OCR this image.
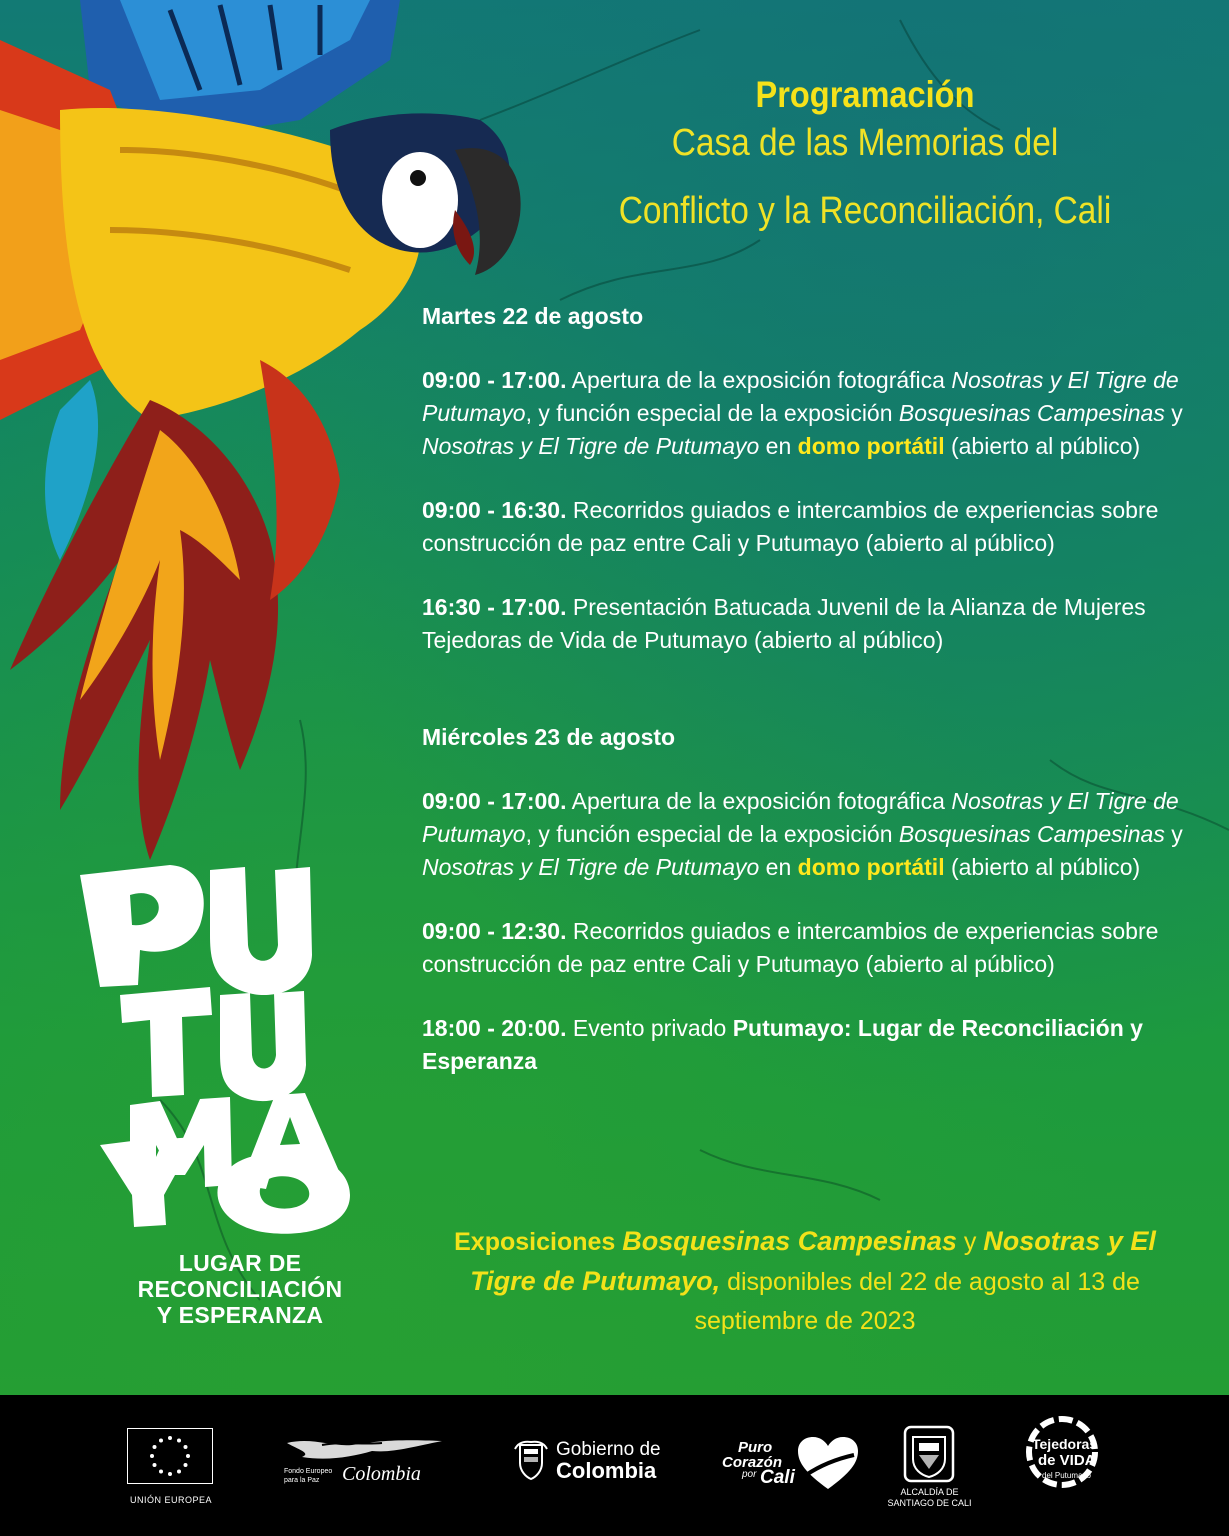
LUGAR DE
RECONCILIACIÓN
Y ESPERANZA
Programación
Casa de las Memorias del
Conflicto y la Reconciliación, Cali
Martes 22 de agosto
09:00 - 17:00. Apertura de la exposición fotográfica Nosotras y El Tigre de Putumayo, y función especial de la exposición Bosquesinas Campesinas y Nosotras y El Tigre de Putumayo en domo portátil (abierto al público)
09:00 - 16:30. Recorridos guiados e intercambios de experiencias sobre construcción de paz entre Cali y Putumayo (abierto al público)
16:30 - 17:00. Presentación Batucada Juvenil de la Alianza de Mujeres Tejedoras de Vida de Putumayo (abierto al público)
Miércoles 23 de agosto
09:00 - 17:00. Apertura de la exposición fotográfica Nosotras y El Tigre de Putumayo, y función especial de la exposición Bosquesinas Campesinas y Nosotras y El Tigre de Putumayo en domo portátil (abierto al público)
09:00 - 12:30. Recorridos guiados e intercambios de experiencias sobre construcción de paz entre Cali y Putumayo (abierto al público)
18:00 - 20:00. Evento privado Putumayo: Lugar de Reconciliación y Esperanza
Exposiciones Bosquesinas Campesinas y Nosotras y El Tigre de Putumayo, disponibles del 22 de agosto al 13 de septiembre de 2023
UNIÓN EUROPEA
Fondo Europeo
para la Paz	Colombia
Gobierno de
Colombia
Puro
Corazón
por Cali
ALCALDÍA DE
SANTIAGO DE CALI
Tejedoras
de VIDA
del Putumayo
